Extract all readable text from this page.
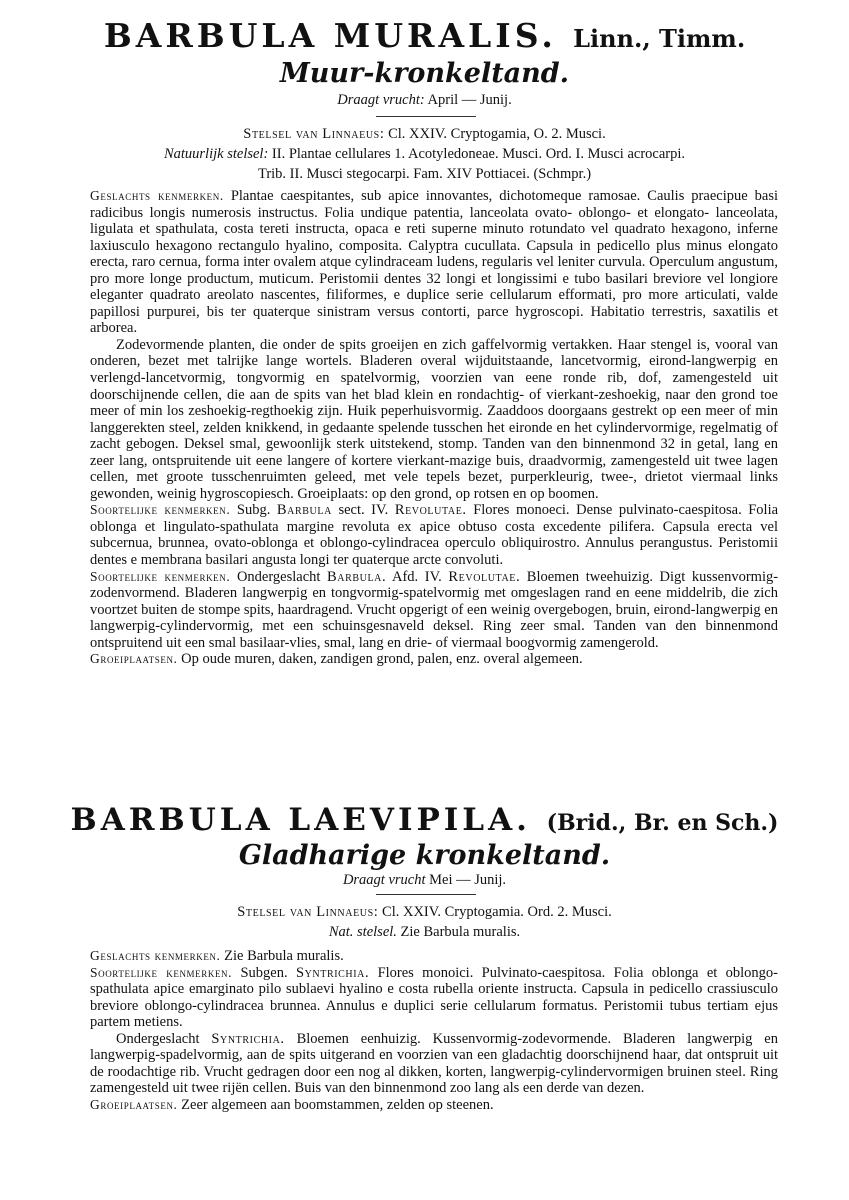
BARBULA MURALIS. Linn., Timm.
Muur-kronkeltand.
Draagt vrucht: April — Junij.
Stelsel van Linnaeus: Cl. XXIV. Cryptogamia, O. 2. Musci.
Natuurlijk stelsel: II. Plantae cellulares 1. Acotyledoneae. Musci. Ord. I. Musci acrocarpi.
Trib. II. Musci stegocarpi. Fam. XIV Pottiacei. (Schmpr.)

Geslachts kenmerken. Plantae caespitantes, sub apice innovantes, dichotomeque ramosae. Caulis praecipue basi radicibus longis numerosis instructus. Folia undique patentia, lanceolata ovato- oblongo- et elongato- lanceolata, ligulata et spathulata, costa tereti instructa, opaca e reti superne minuto rotundato vel quadrato hexagono, inferne laxiusculo hexagono rectangulo hyalino, composita. Calyptra cucullata. Capsula in pedicello plus minus elongato erecta, raro cernua, forma inter ovalem atque cylindraceam ludens, regularis vel leniter curvula. Operculum angustum, pro more longe productum, muticum. Peristomii dentes 32 longi et longissimi e tubo basilari breviore vel longiore eleganter quadrato areolato nascentes, filiformes, e duplice serie cellularum efformati, pro more articulati, valde papillosi purpurei, bis ter quaterque sinistram versus contorti, parce hygroscopi. Habitatio terrestris, saxatilis et arborea.

Zodevormende planten, die onder de spits groeijen en zich gaffelvormig vertakken. Haar stengel is, vooral van onderen, bezet met talrijke lange wortels. Bladeren overal wijduitstaande, lancetvormig, eirond-langwerpig en verlengd-lancetvormig, tongvormig en spatelvormig, voorzien van eene ronde rib, dof, zamengesteld uit doorschijnende cellen, die aan de spits van het blad klein en rondachtig- of vierkant-zeshoekig, naar den grond toe meer of min los zeshoekig-regthoekig zijn. Huik peperhuisvormig. Zaaddoos doorgaans gestrekt op een meer of min langgerekten steel, zelden knikkend, in gedaante spelende tusschen het eironde en het cylindervormige, regelmatig of zacht gebogen. Deksel smal, gewoonlijk sterk uitstekend, stomp. Tanden van den binnenmond 32 in getal, lang en zeer lang, ontspruitende uit eene langere of kortere vierkant-mazige buis, draadvormig, zamengesteld uit twee lagen cellen, met groote tusschenruimten geleed, met vele tepels bezet, purperkleurig, twee-, drietot viermaal links gewonden, weinig hygroscopiesch. Groeiplaats: op den grond, op rotsen en op boomen.

Soortelijke kenmerken. Subg. Barbula sect. IV. Revolutae. Flores monoeci. Dense pulvinato-caespitosa. Folia oblonga et lingulato-spathulata margine revoluta ex apice obtuso costa excedente pilifera. Capsula erecta vel subcernua, brunnea, ovato-oblonga et oblongo-cylindracea operculo obliquirostro. Annulus perangustus. Peristomii dentes e membrana basilari angusta longi ter quaterque arcte convoluti.

Soortelijke kenmerken. Ondergeslacht Barbula. Afd. IV. Revolutae. Bloemen tweehuizig. Digt kussenvormig-zodenvormend. Bladeren langwerpig en tongvormig-spatelvormig met omgeslagen rand en eene middelrib, die zich voortzet buiten de stompe spits, haardragend. Vrucht opgerigt of een weinig overgebogen, bruin, eirond-langwerpig en langwerpig-cylindervormig, met een schuinsgesnaveld deksel. Ring zeer smal. Tanden van den binnenmond ontspruitend uit een smal basilaar-vlies, smal, lang en drie- of viermaal boogvormig zamengerold.

Groeiplaatsen. Op oude muren, daken, zandigen grond, palen, enz. overal algemeen.

BARBULA LAEVIPILA. (Brid., Br. en Sch.)
Gladharige kronkeltand.
Draagt vrucht Mei — Junij.
Stelsel van Linnaeus: Cl. XXIV. Cryptogamia. Ord. 2. Musci.
Nat. stelsel. Zie Barbula muralis.

Geslachts kenmerken. Zie Barbula muralis.

Soortelijke kenmerken. Subgen. Syntrichia. Flores monoici. Pulvinato-caespitosa. Folia oblonga et oblongo-spathulata apice emarginato pilo sublaevi hyalino e costa rubella oriente instructa. Capsula in pedicello crassiusculo breviore oblongo-cylindracea brunnea. Annulus e duplici serie cellularum formatus. Peristomii tubus tertiam ejus partem metiens.

Ondergeslacht Syntrichia. Bloemen eenhuizig. Kussenvormig-zodevormende. Bladeren langwerpig en langwerpig-spadelvormig, aan de spits uitgerand en voorzien van een gladachtig doorschijnend haar, dat ontspruit uit de roodachtige rib. Vrucht gedragen door een nog al dikken, korten, langwerpig-cylindervormigen bruinen steel. Ring zamengesteld uit twee rijën cellen. Buis van den binnenmond zoo lang als een derde van dezen.

Groeiplaatsen. Zeer algemeen aan boomstammen, zelden op steenen.
